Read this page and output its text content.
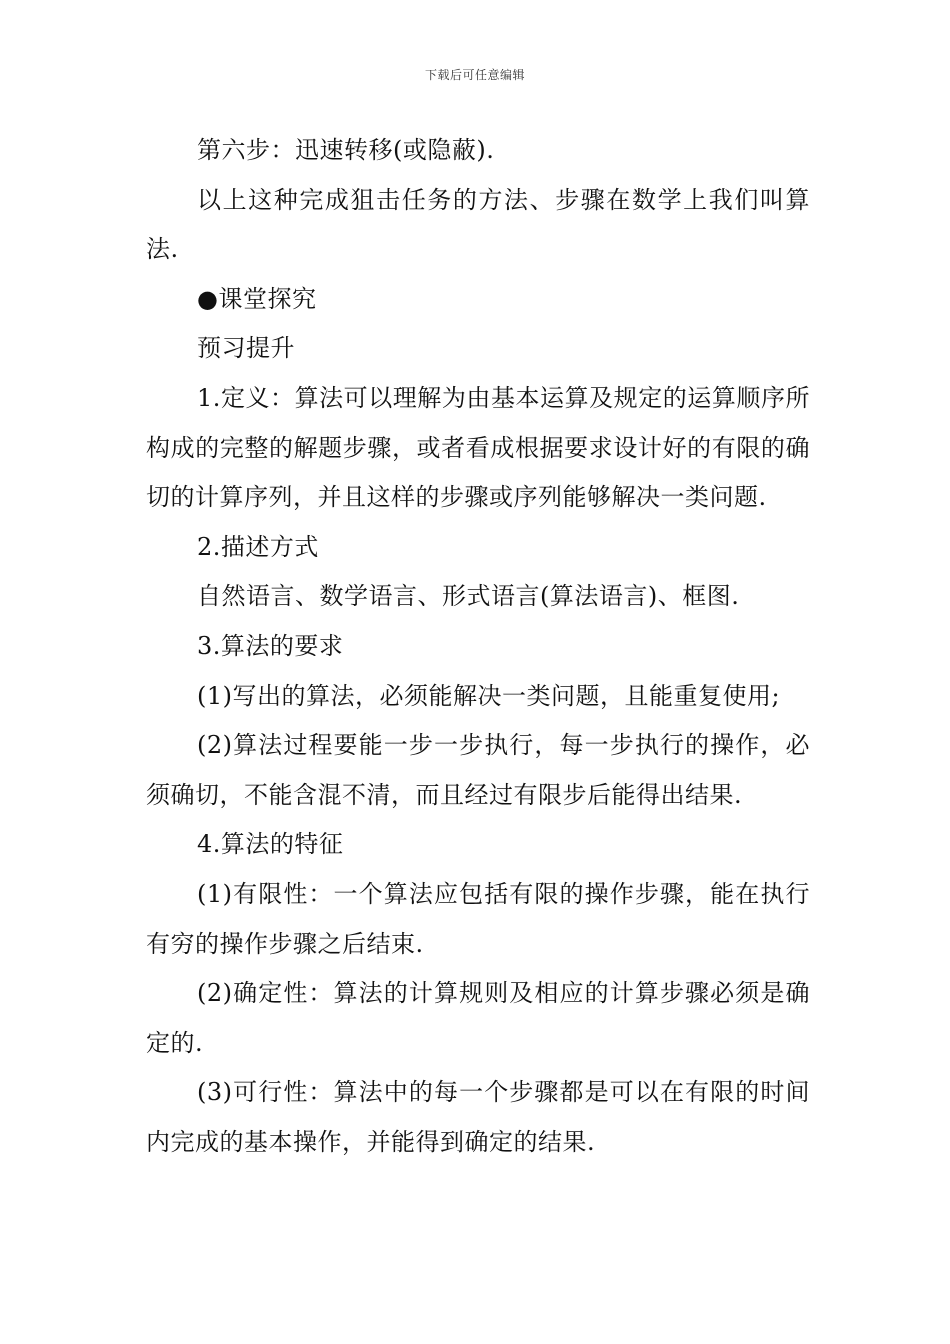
下载后可任意编辑

第六步：迅速转移(或隐蔽).

以上这种完成狙击任务的方法、步骤在数学上我们叫算法.

●课堂探究

预习提升

1.定义：算法可以理解为由基本运算及规定的运算顺序所构成的完整的解题步骤，或者看成根据要求设计好的有限的确切的计算序列，并且这样的步骤或序列能够解决一类问题.

2.描述方式

自然语言、数学语言、形式语言(算法语言)、框图.

3.算法的要求

(1)写出的算法，必须能解决一类问题，且能重复使用;

(2)算法过程要能一步一步执行，每一步执行的操作，必须确切，不能含混不清，而且经过有限步后能得出结果.

4.算法的特征

(1)有限性：一个算法应包括有限的操作步骤，能在执行有穷的操作步骤之后结束.

(2)确定性：算法的计算规则及相应的计算步骤必须是确定的.

(3)可行性：算法中的每一个步骤都是可以在有限的时间内完成的基本操作，并能得到确定的结果.
